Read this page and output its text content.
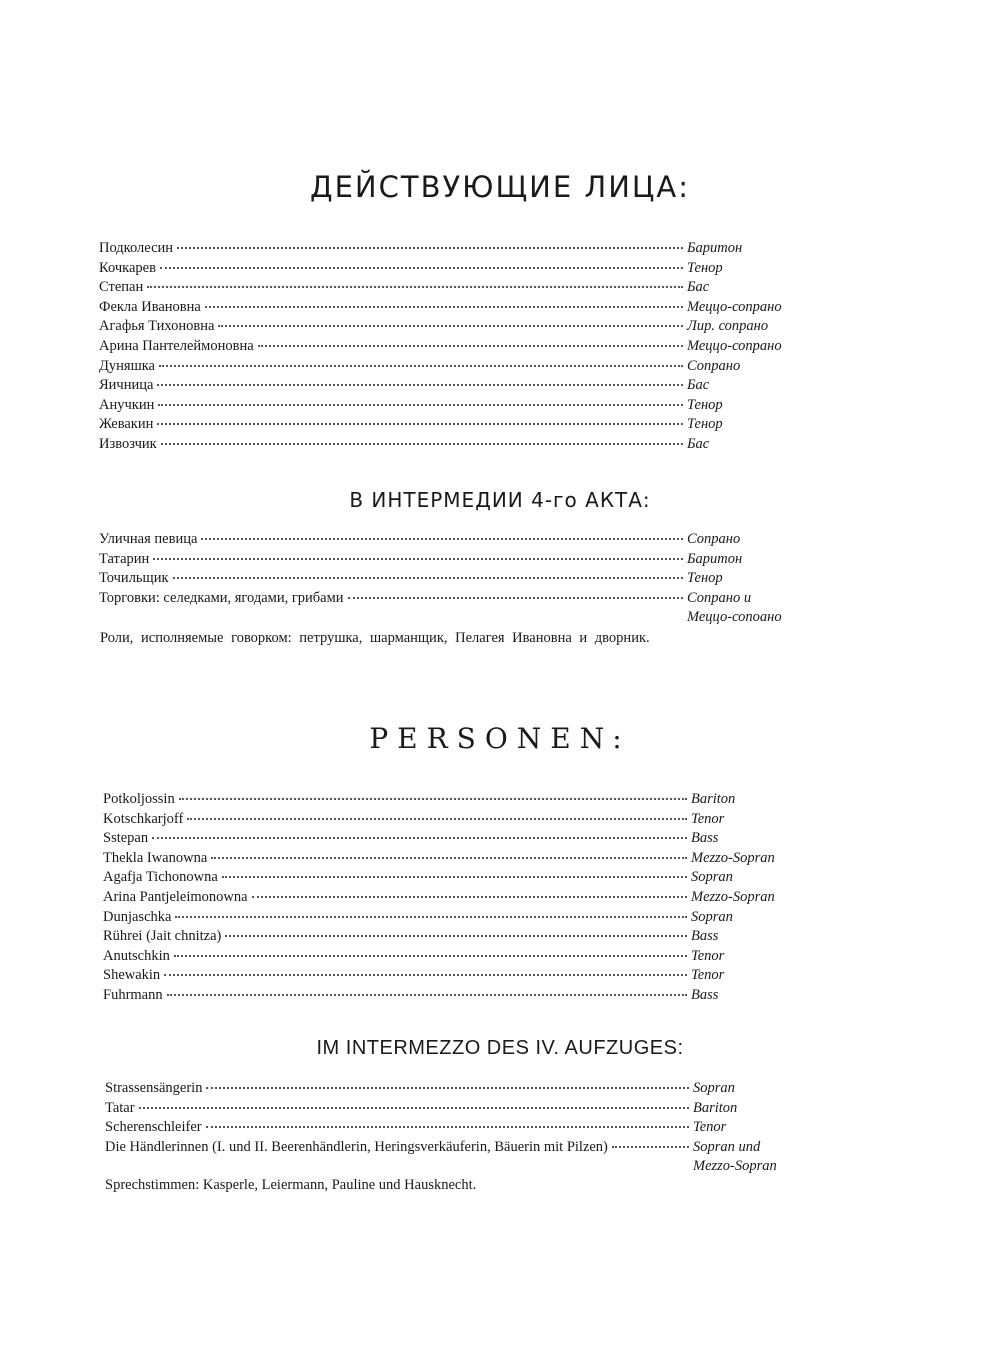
ДЕЙСТВУЮЩИЕ ЛИЦА:
Подколесин	Баритон
Кочкарев	Тенор
Степан	Бас
Фекла Ивановна	Меццо-сопрано
Агафья Тихоновна	Лир. сопрано
Арина Пантелеймоновна	Меццо-сопрано
Дуняшка	Сопрано
Яичница	Бас
Анучкин	Тенор
Жевакин	Тенор
Извозчик	Бас
В ИНТЕРМЕДИИ 4-го АКТА:
Уличная певица	Сопрано
Татарин	Баритон
Точильщик	Тенор
Торговки: селедками, ягодами, грибами	Сопрано и
Меццо-сопоано

Роли, исполняемые говорком: петрушка, шарманщик, Пелагея Ивановна и дворник.

PERSONEN:
Potkoljossin	Bariton
Kotschkarjoff	Tenor
Sstepan	Bass
Thekla Iwanowna	Mezzo-Sopran
Agafja Tichonowna	Sopran
Arina Pantjeleimonowna	Mezzo-Sopran
Dunjaschka	Sopran
Rührei (Jait chnitza)	Bass
Anutschkin	Tenor
Shewakin	Tenor
Fuhrmann	Bass
IM INTERMEZZO DES IV. AUFZUGES:
Strassensängerin	Sopran
Tatar	Bariton
Scherenschleifer	Tenor
Die Händlerinnen (I. und II. Beerenhändlerin, Heringsverkäuferin, Bäuerin mit Pilzen)	Sopran und
Mezzo-Sopran

Sprechstimmen: Kasperle, Leiermann, Pauline und Hausknecht.
